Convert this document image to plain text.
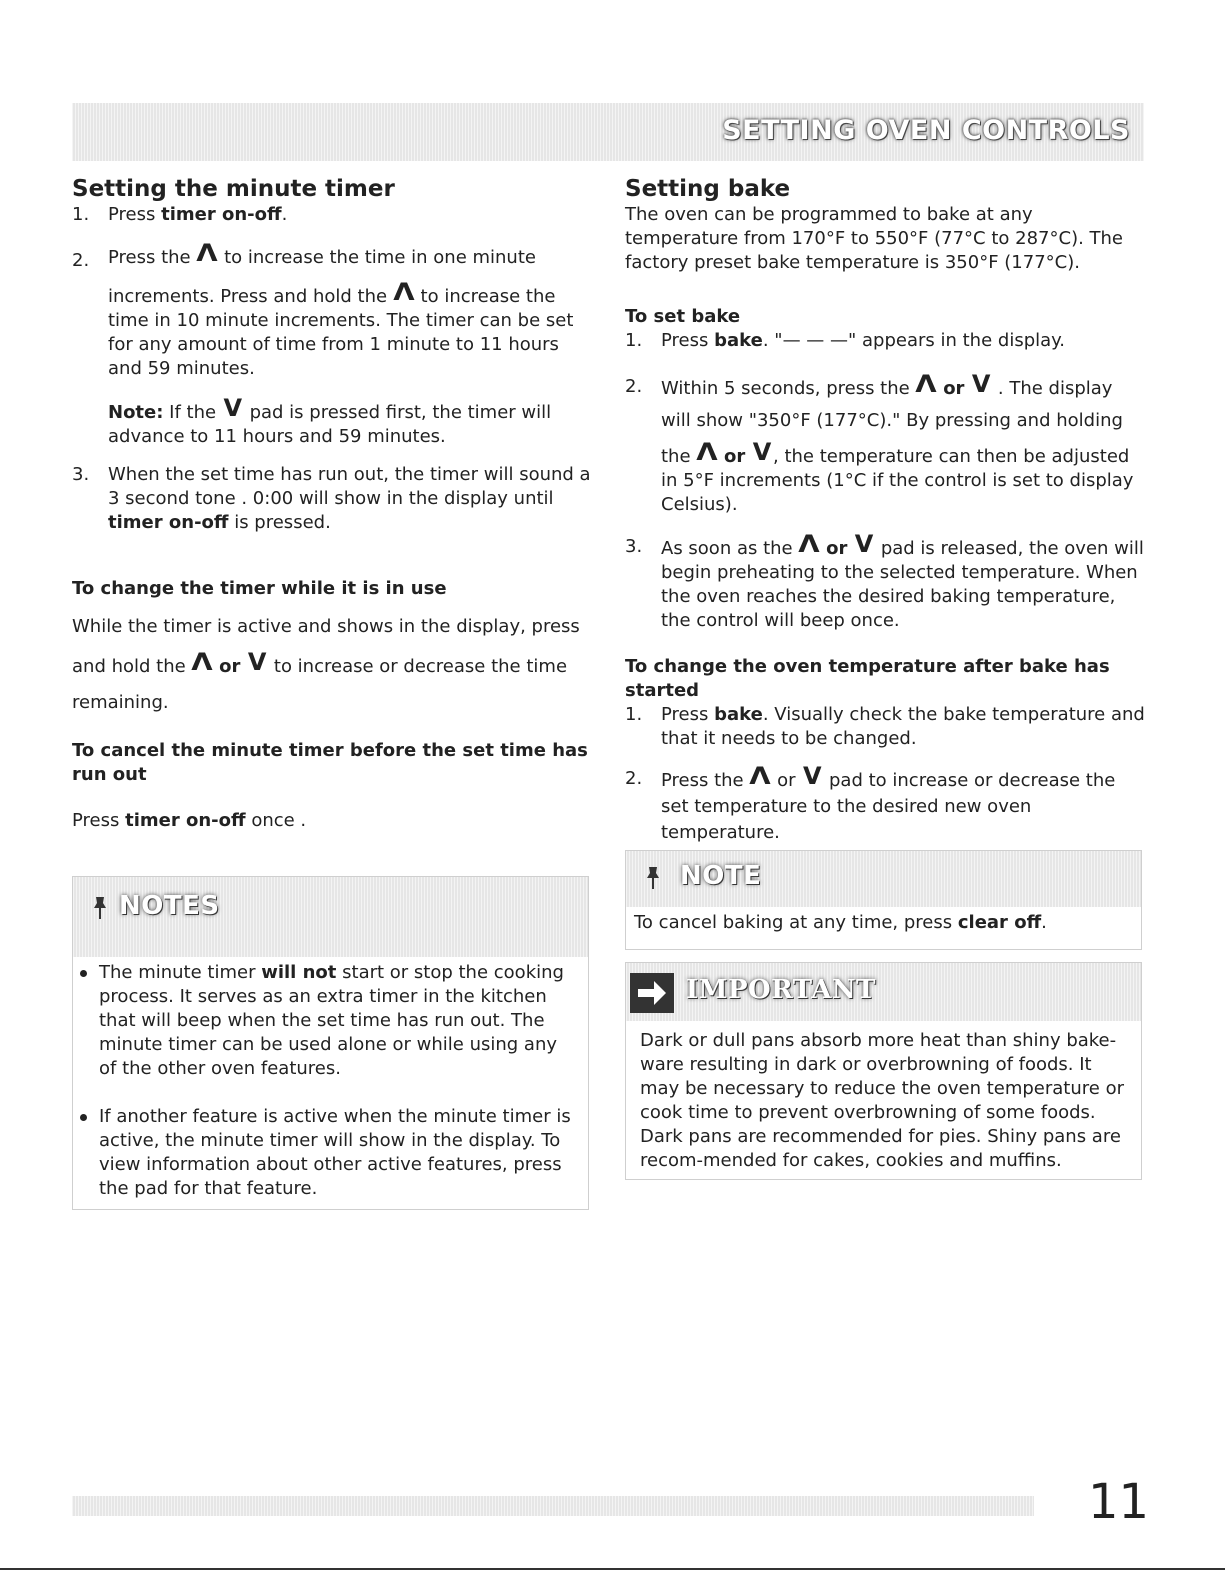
SETTING OVEN CONTROLS
Setting the minute timer
1. Press timer on-off.
2. Press the Λ to increase the time in one minute

increments. Press and hold the Λ to increase the time in 10 minute increments. The timer can be set for any amount of time from 1 minute to 11 hours and 59 minutes.

Note: If the V pad is pressed first, the timer will advance to 11 hours and 59 minutes.

3. When the set time has run out, the timer will sound a 3 second tone . 0:00 will show in the display until timer on-off is pressed.
To change the timer while it is in use

While the timer is active and shows in the display, press

and hold the Λ or V to increase or decrease the time

remaining.

To cancel the minute timer before the set time has run out

Press timer on-off once .

NOTES
The minute timer will not start or stop the cooking process. It serves as an extra timer in the kitchen that will beep when the set time has run out. The minute timer can be used alone or while using any of the other oven features.
If another feature is active when the minute timer is active, the minute timer will show in the display. To view information about other active features, press the pad for that feature.
Setting bake

The oven can be programmed to bake at any temperature from 170°F to 550°F (77°C to 287°C). The factory preset bake temperature is 350°F (177°C).

To set bake
1. Press bake. "— — —" appears in the display.
2. Within 5 seconds, press the Λ or V . The display will show "350°F (177°C)." By pressing and holding

the Λ or V, the temperature can then be adjusted in 5°F increments (1°C if the control is set to display Celsius).

3. As soon as the Λ or V pad is released, the oven will begin preheating to the selected temperature. When the oven reaches the desired baking temperature, the control will beep once.

To change the oven temperature after bake has started
1. Press bake. Visually check the bake temperature and that it needs to be changed.
2. Press the Λ or V pad to increase or decrease the set temperature to the desired new oven temperature.

NOTE

To cancel baking at any time, press clear off.

IMPORTANT

Dark or dull pans absorb more heat than shiny bake-ware resulting in dark or overbrowning of foods. It may be necessary to reduce the oven temperature or cook time to prevent overbrowning of some foods. Dark pans are recommended for pies. Shiny pans are recom-mended for cakes, cookies and muffins.

11
